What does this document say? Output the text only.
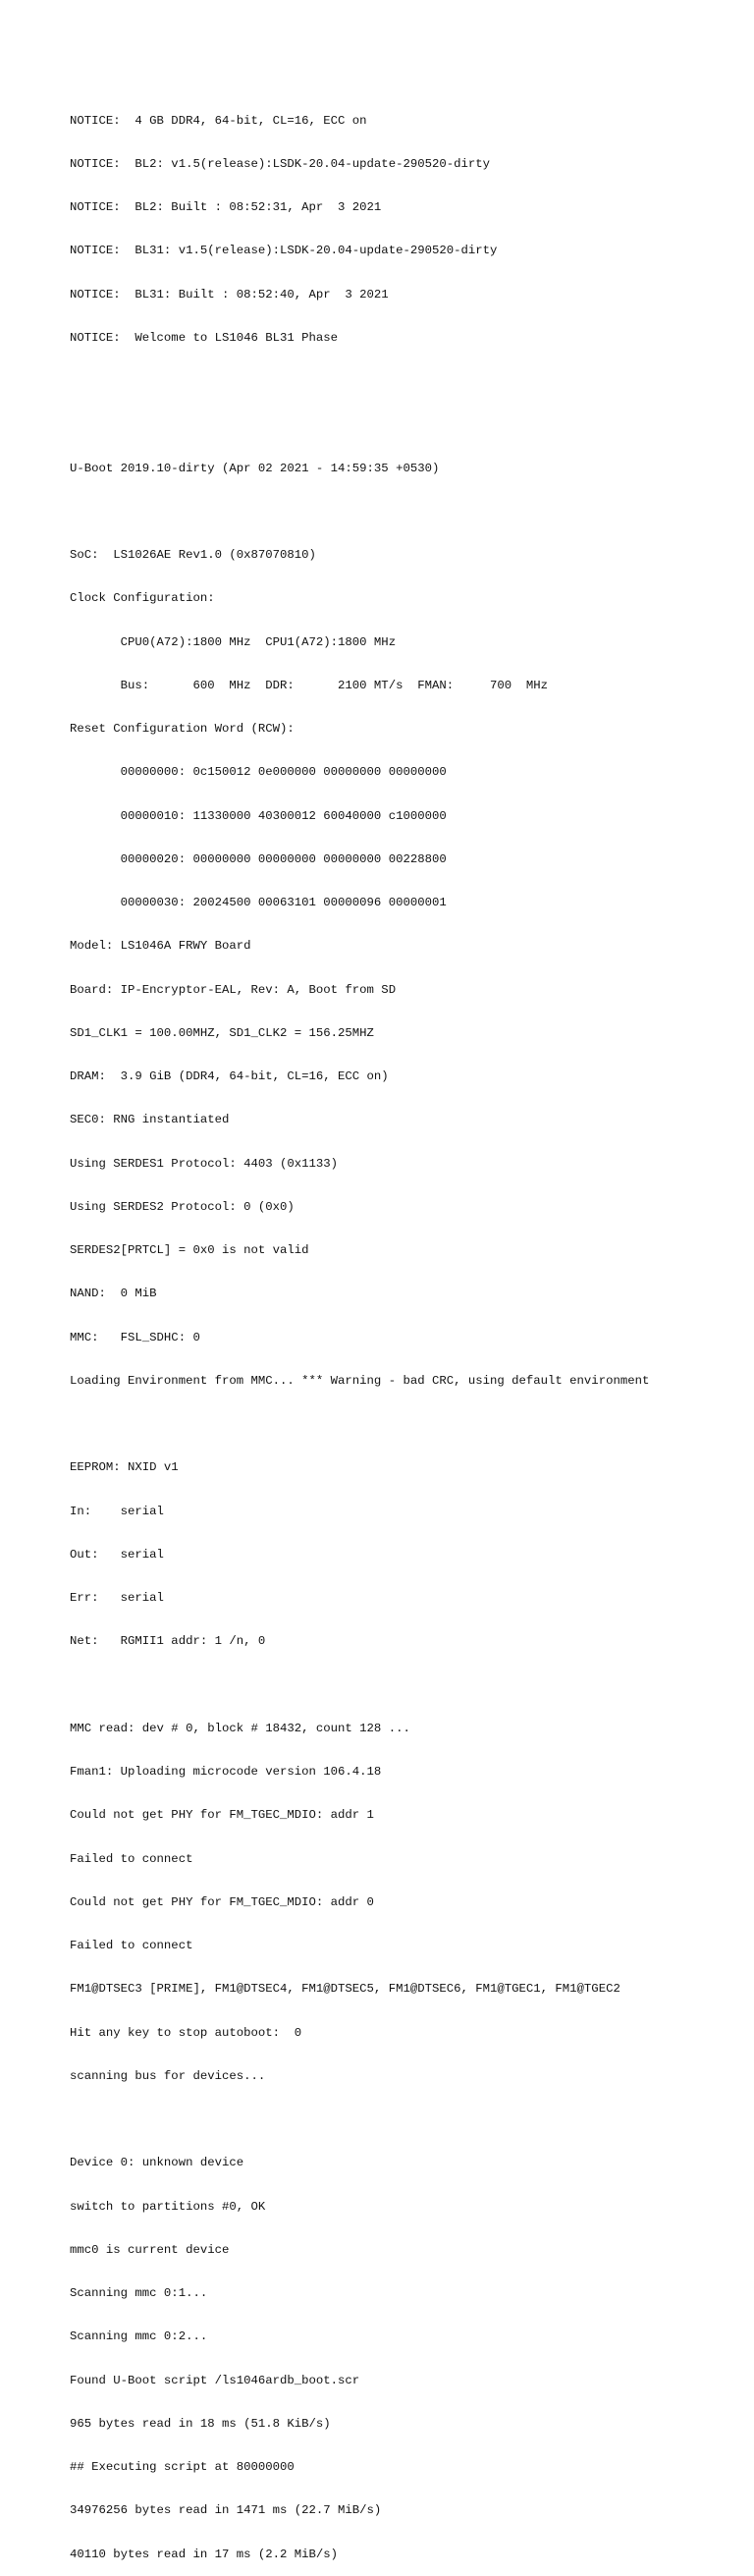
NOTICE:  4 GB DDR4, 64-bit, CL=16, ECC on

NOTICE:  BL2: v1.5(release):LSDK-20.04-update-290520-dirty

NOTICE:  BL2: Built : 08:52:31, Apr  3 2021

NOTICE:  BL31: v1.5(release):LSDK-20.04-update-290520-dirty

NOTICE:  BL31: Built : 08:52:40, Apr  3 2021

NOTICE:  Welcome to LS1046 BL31 Phase

U-Boot 2019.10-dirty (Apr 02 2021 - 14:59:35 +0530)

SoC:  LS1026AE Rev1.0 (0x87070810)

Clock Configuration:

CPU0(A72):1800 MHz  CPU1(A72):1800 MHz

Bus:      600  MHz  DDR:      2100 MT/s  FMAN:     700  MHz

Reset Configuration Word (RCW):

00000000: 0c150012 0e000000 00000000 00000000

00000010: 11330000 40300012 60040000 c1000000

00000020: 00000000 00000000 00000000 00228800

00000030: 20024500 00063101 00000096 00000001

Model: LS1046A FRWY Board

Board: IP-Encryptor-EAL, Rev: A, Boot from SD

SD1_CLK1 = 100.00MHZ, SD1_CLK2 = 156.25MHZ

DRAM:  3.9 GiB (DDR4, 64-bit, CL=16, ECC on)

SEC0: RNG instantiated

Using SERDES1 Protocol: 4403 (0x1133)

Using SERDES2 Protocol: 0 (0x0)

SERDES2[PRTCL] = 0x0 is not valid

NAND:  0 MiB

MMC:   FSL_SDHC: 0

Loading Environment from MMC... *** Warning - bad CRC, using default environment

EEPROM: NXID v1

In:    serial

Out:   serial

Err:   serial

Net:   RGMII1 addr: 1 /n, 0

MMC read: dev # 0, block # 18432, count 128 ...

Fman1: Uploading microcode version 106.4.18

Could not get PHY for FM_TGEC_MDIO: addr 1

Failed to connect

Could not get PHY for FM_TGEC_MDIO: addr 0

Failed to connect

FM1@DTSEC3 [PRIME], FM1@DTSEC4, FM1@DTSEC5, FM1@DTSEC6, FM1@TGEC1, FM1@TGEC2

Hit any key to stop autoboot:  0

scanning bus for devices...

Device 0: unknown device

switch to partitions #0, OK

mmc0 is current device

Scanning mmc 0:1...

Scanning mmc 0:2...

Found U-Boot script /ls1046ardb_boot.scr

965 bytes read in 18 ms (51.8 KiB/s)

## Executing script at 80000000

34976256 bytes read in 1471 ms (22.7 MiB/s)

40110 bytes read in 17 ms (2.2 MiB/s)
